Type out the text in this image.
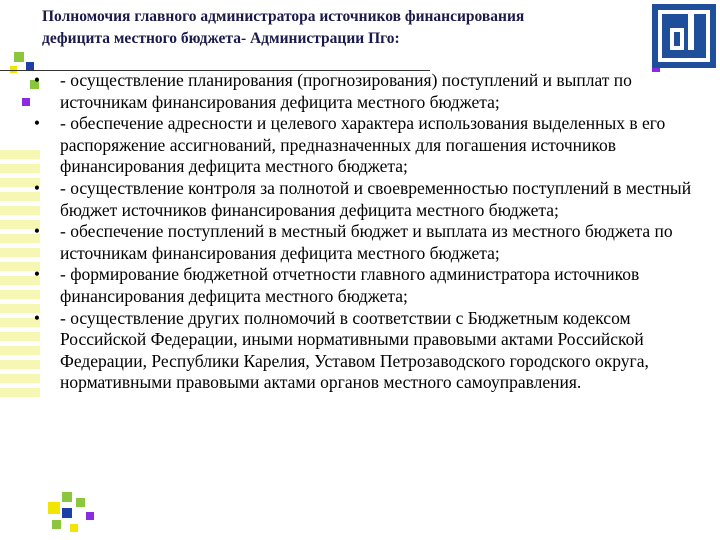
Полномочия главного администратора источников финансирования
дефицита местного бюджета- Администрации Пго:
• - осуществление планирования (прогнозирования) поступлений и выплат по источникам финансирования дефицита местного бюджета;
• - обеспечение адресности и целевого характера использования выделенных в его распоряжение ассигнований, предназначенных для погашения источников финансирования дефицита местного бюджета;
• - осуществление контроля за полнотой и своевременностью поступлений в местный бюджет источников финансирования дефицита местного бюджета;
• - обеспечение поступлений в местный бюджет и выплата из местного бюджета по источникам финансирования дефицита местного бюджета;
• - формирование бюджетной отчетности главного администратора источников финансирования дефицита местного бюджета;
• - осуществление других полномочий в соответствии с Бюджетным кодексом Российской Федерации, иными нормативными правовыми актами Российской Федерации, Республики Карелия, Уставом Петрозаводского городского округа, нормативными правовыми актами органов местного самоуправления.
